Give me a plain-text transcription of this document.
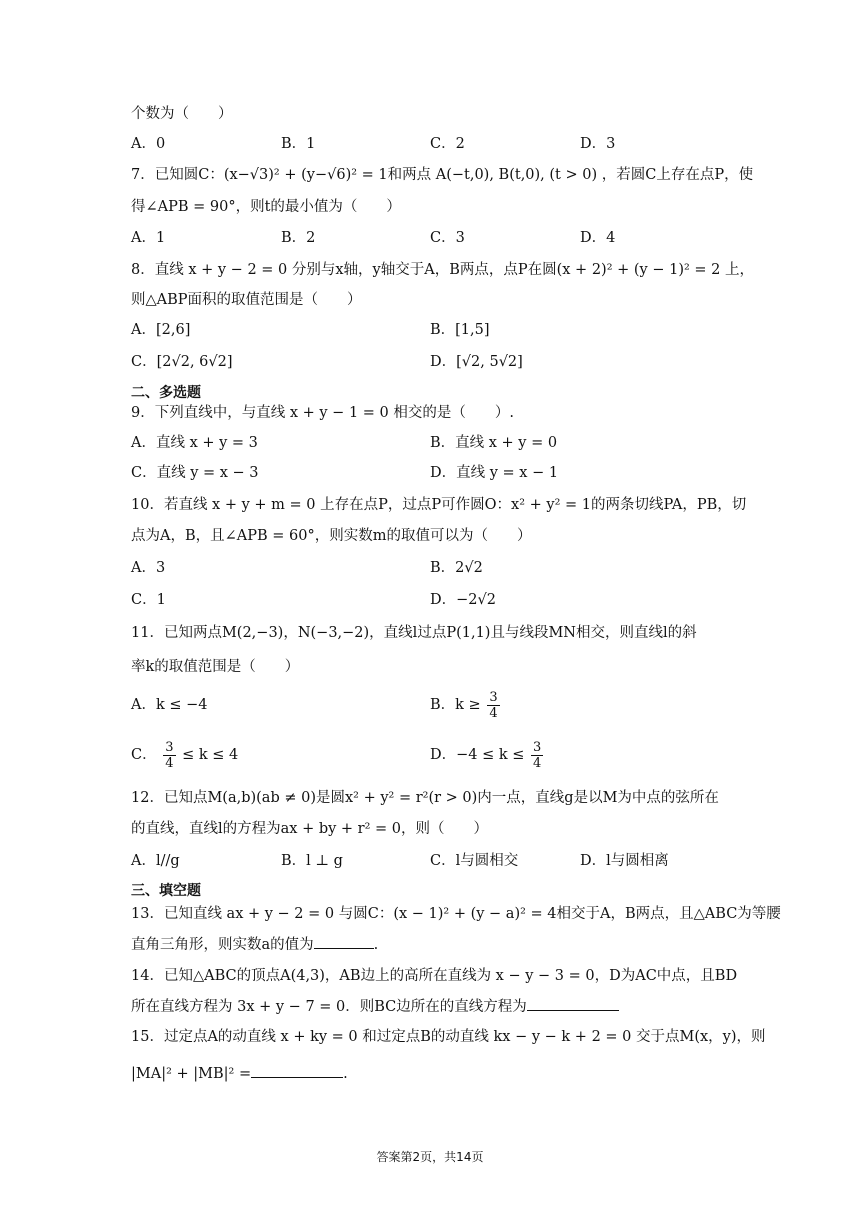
个数为（　　）
A．0	B．1	C．2	D．3
7．已知圆C：(x−√3)² + (y−√6)² = 1和两点 A(−t,0), B(t,0), (t > 0) ，若圆C上存在点P，使
得∠APB = 90°，则t的最小值为（　　）
A．1	B．2	C．3	D．4
8．直线 x + y − 2 = 0 分别与x轴，y轴交于A，B两点，点P在圆(x + 2)² + (y − 1)² = 2 上，
则△ABP面积的取值范围是（　　）
A．[2,6]	B．[1,5]
C．[2√2, 6√2]	D．[√2, 5√2]
二、多选题
9．下列直线中，与直线 x + y − 1 = 0 相交的是（　　）.
A．直线 x + y = 3	B．直线 x + y = 0
C．直线 y = x − 3	D．直线 y = x − 1
10．若直线 x + y + m = 0 上存在点P，过点P可作圆O：x² + y² = 1的两条切线PA，PB，切
点为A，B，且∠APB = 60°，则实数m的取值可以为（　　）
A．3	B．2√2
C．1	D．−2√2
11．已知两点M(2,−3)，N(−3,−2)，直线l过点P(1,1)且与线段MN相交，则直线l的斜
率k的取值范围是（　　）
A．k ≤ −4	B．$k \ge \frac{3}{4}$
C． $\frac{3}{4} \le k \le 4$	D．$-4 \le k \le \frac{3}{4}$
12．已知点M(a,b)(ab ≠ 0)是圆x² + y² = r²(r > 0)内一点，直线g是以M为中点的弦所在
的直线，直线l的方程为ax + by + r² = 0，则（　　）
A．l//g	B．l ⊥ g	C．l与圆相交	D．l与圆相离
三、填空题
13．已知直线 ax + y − 2 = 0 与圆C：(x − 1)² + (y − a)² = 4相交于A，B两点，且△ABC为等腰
直角三角形，则实数a的值为	.
14．已知△ABC的顶点A(4,3)，AB边上的高所在直线为 x − y − 3 = 0，D为AC中点，且BD
所在直线方程为 3x + y − 7 = 0．则BC边所在的直线方程为
15．过定点A的动直线 x + ky = 0 和过定点B的动直线 kx − y − k + 2 = 0 交于点M(x，y)，则
|MA|² + |MB|² =	.
答案第2页，共14页
